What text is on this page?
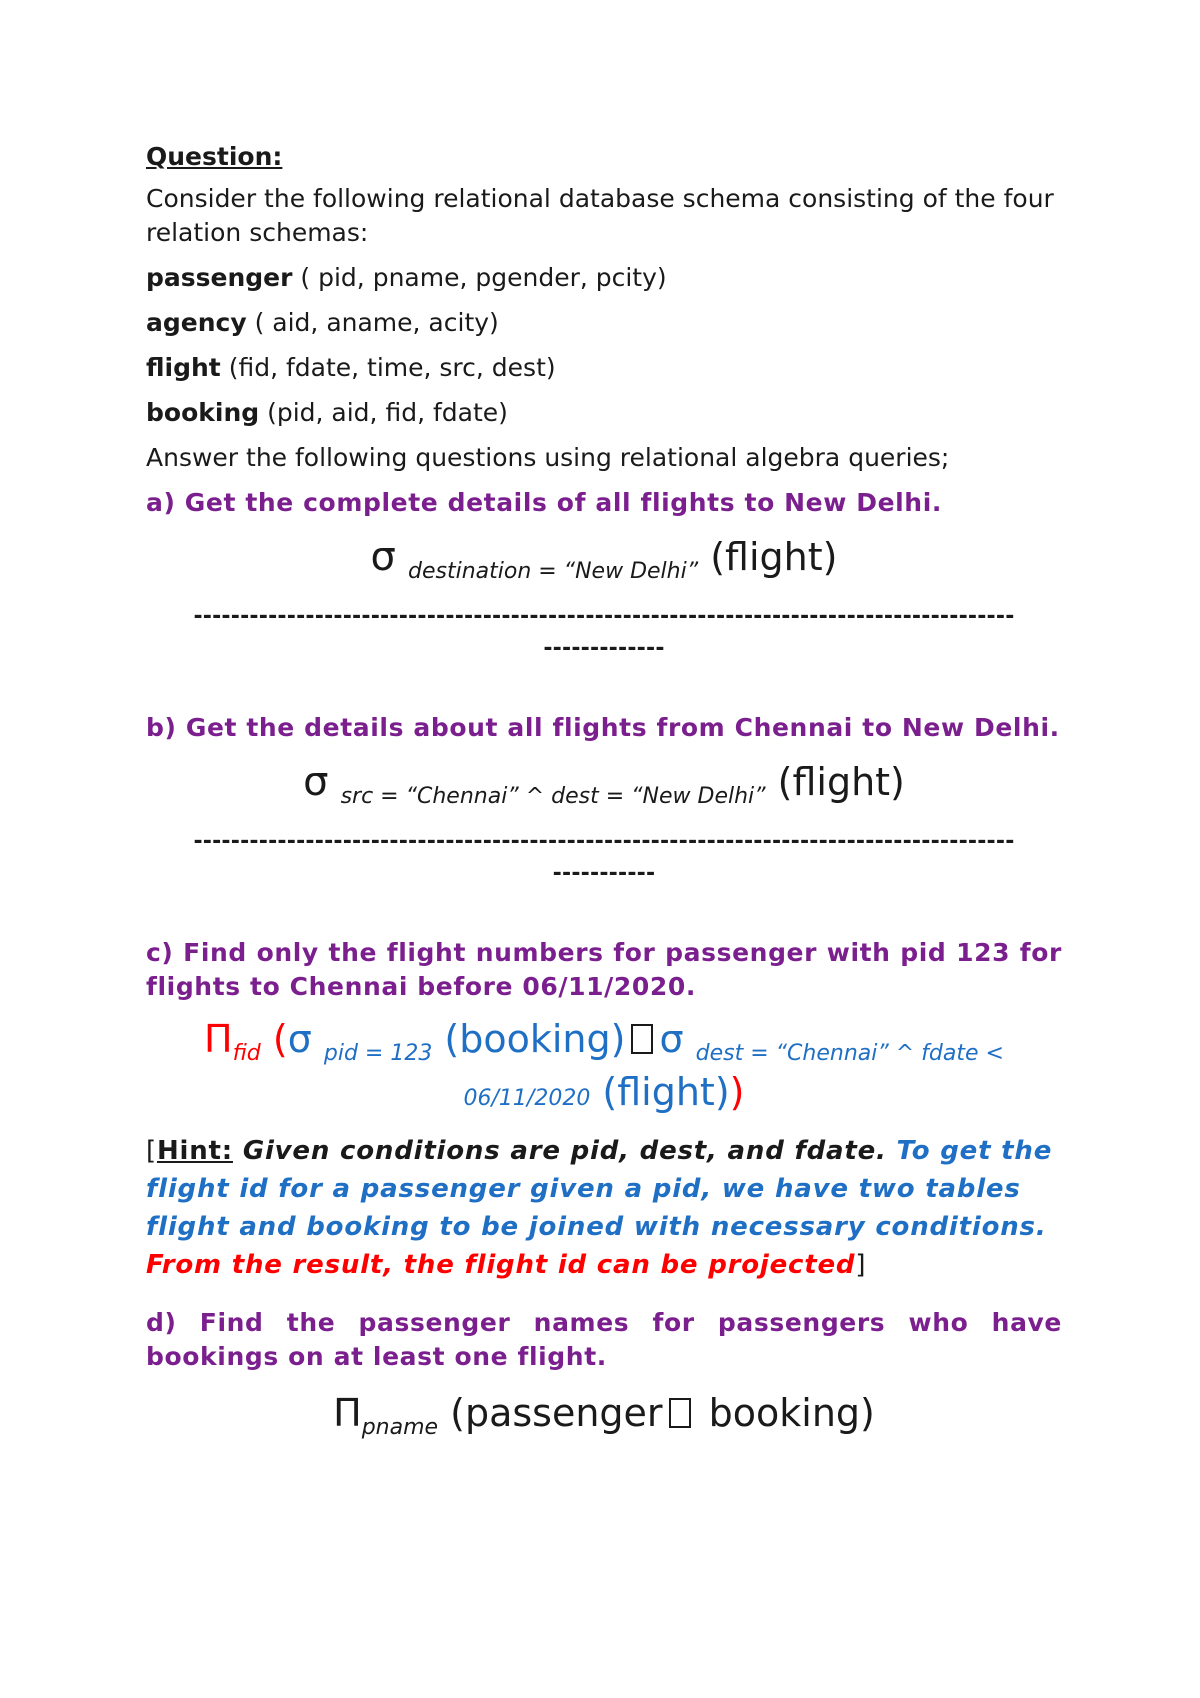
Question:

Consider the following relational database schema consisting of the four relation schemas:

passenger ( pid, pname, pgender, pcity)

agency ( aid, aname, acity)

flight (fid, fdate, time, src, dest)

booking (pid, aid, fid, fdate)

Answer the following questions using relational algebra queries;

a) Get the complete details of all flights to New Delhi.

σ $_{destination = “New Delhi”}$ (flight)

----------------------------------------------------------------------------------------

-------------

b) Get the details about all flights from Chennai to New Delhi.

σ $_{src = “Chennai” \^{} dest = “New Delhi”}$ (flight)

----------------------------------------------------------------------------------------

-----------

c) Find only the flight numbers for passenger with pid 123 for flights to Chennai before 06/11/2020.

$\Pi_{fid}$ (σ $_{pid = 123}$ (booking) σ $_{dest = “Chennai” \^{} fdate <}$
06/11/2020 (flight))

[Hint: Given conditions are pid, dest, and fdate. To get the flight id for a passenger given a pid, we have two tables flight and booking to be joined with necessary conditions. From the result, the flight id can be projected]

d) Find the passenger names for passengers who have bookings on at least one flight.

$\Pi_{pname}$ (passenger booking)
